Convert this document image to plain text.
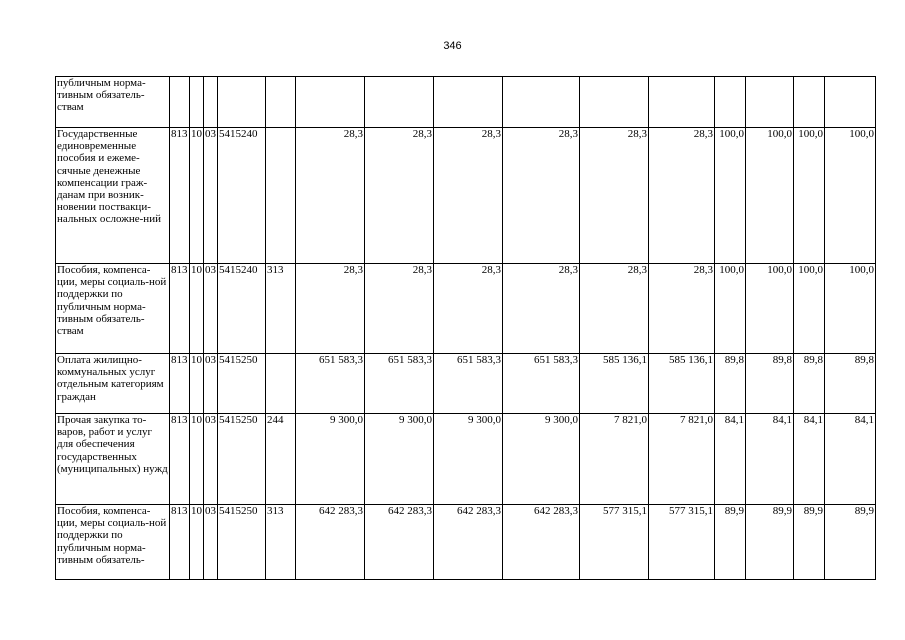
346
публичным норма-тивным обязатель-ствам															
Государственные единовременные пособия и ежеме-сячные денежные компенсации граж-данам при возник-новении поствакци-нальных осложне-ний	813	10	03	5415240		28,3	28,3	28,3	28,3	28,3	28,3	100,0	100,0	100,0	100,0
Пособия, компенса-ции, меры социаль-ной поддержки по публичным норма-тивным обязатель-ствам	813	10	03	5415240	313	28,3	28,3	28,3	28,3	28,3	28,3	100,0	100,0	100,0	100,0
Оплата жилищно-коммунальных услуг отдельным категориям граждан	813	10	03	5415250		651 583,3	651 583,3	651 583,3	651 583,3	585 136,1	585 136,1	89,8	89,8	89,8	89,8
Прочая закупка то-варов, работ и услуг для обеспечения государственных (муниципальных) нужд	813	10	03	5415250	244	9 300,0	9 300,0	9 300,0	9 300,0	7 821,0	7 821,0	84,1	84,1	84,1	84,1
Пособия, компенса-ции, меры социаль-ной поддержки по публичным норма-тивным обязатель-	813	10	03	5415250	313	642 283,3	642 283,3	642 283,3	642 283,3	577 315,1	577 315,1	89,9	89,9	89,9	89,9
